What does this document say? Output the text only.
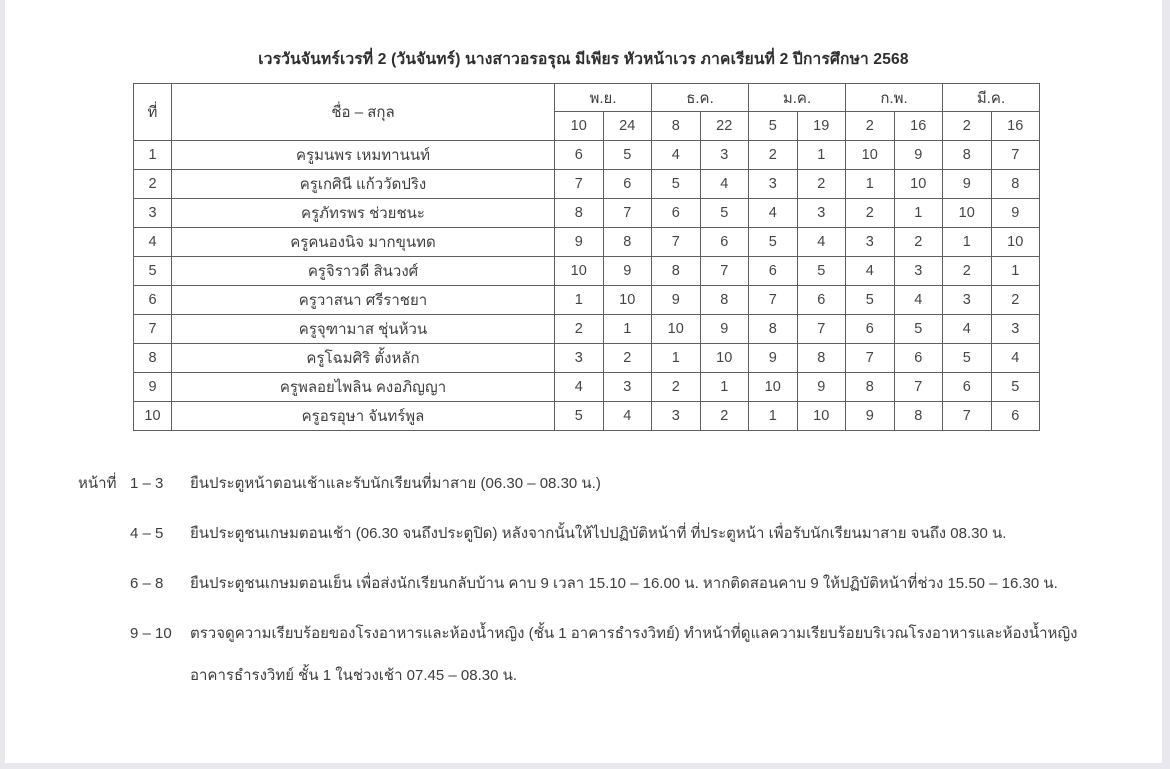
เวรวันจันทร์เวรที่ 2 (วันจันทร์) นางสาวอรอรุณ มีเพียร หัวหน้าเวร ภาคเรียนที่ 2 ปีการศึกษา 2568
ที่	ชื่อ – สกุล	พ.ย.		ธ.ค.		ม.ค.		ก.พ.		มี.ค.	
		10	24	8	22	5	19	2	16	2	16
1	ครูมนพร เหมทานนท์	6	5	4	3	2	1	10	9	8	7
2	ครูเกศินี แก้ววัดปริง	7	6	5	4	3	2	1	10	9	8
3	ครูภัทรพร ช่วยชนะ	8	7	6	5	4	3	2	1	10	9
4	ครูคนองนิจ มากขุนทด	9	8	7	6	5	4	3	2	1	10
5	ครูจิราวดี สินวงศ์	10	9	8	7	6	5	4	3	2	1
6	ครูวาสนา ศรีราชยา	1	10	9	8	7	6	5	4	3	2
7	ครูจุฑามาส ชุ่นห้วน	2	1	10	9	8	7	6	5	4	3
8	ครูโฉมศิริ ตั้งหลัก	3	2	1	10	9	8	7	6	5	4
9	ครูพลอยไพลิน คงอภิญญา	4	3	2	1	10	9	8	7	6	5
10	ครูอรอุษา จันทร์พูล	5	4	3	2	1	10	9	8	7	6
หน้าที่ 1 – 3	ยืนประตูหน้าตอนเช้าและรับนักเรียนที่มาสาย (06.30 – 08.30 น.)
4 – 5	ยืนประตูชนเกษมตอนเช้า (06.30 จนถึงประตูปิด) หลังจากนั้นให้ไปปฏิบัติหน้าที่ ที่ประตูหน้า เพื่อรับนักเรียนมาสาย จนถึง 08.30 น.
6 – 8	ยืนประตูชนเกษมตอนเย็น เพื่อส่งนักเรียนกลับบ้าน คาบ 9 เวลา 15.10 – 16.00 น. หากติดสอนคาบ 9 ให้ปฏิบัติหน้าที่ช่วง 15.50 – 16.30 น.
9 – 10	ตรวจดูความเรียบร้อยของโรงอาหารและห้องน้ำหญิง (ชั้น 1 อาคารธำรงวิทย์) ทำหน้าที่ดูแลความเรียบร้อยบริเวณโรงอาหารและห้องน้ำหญิง
อาคารธำรงวิทย์ ชั้น 1 ในช่วงเช้า 07.45 – 08.30 น.
